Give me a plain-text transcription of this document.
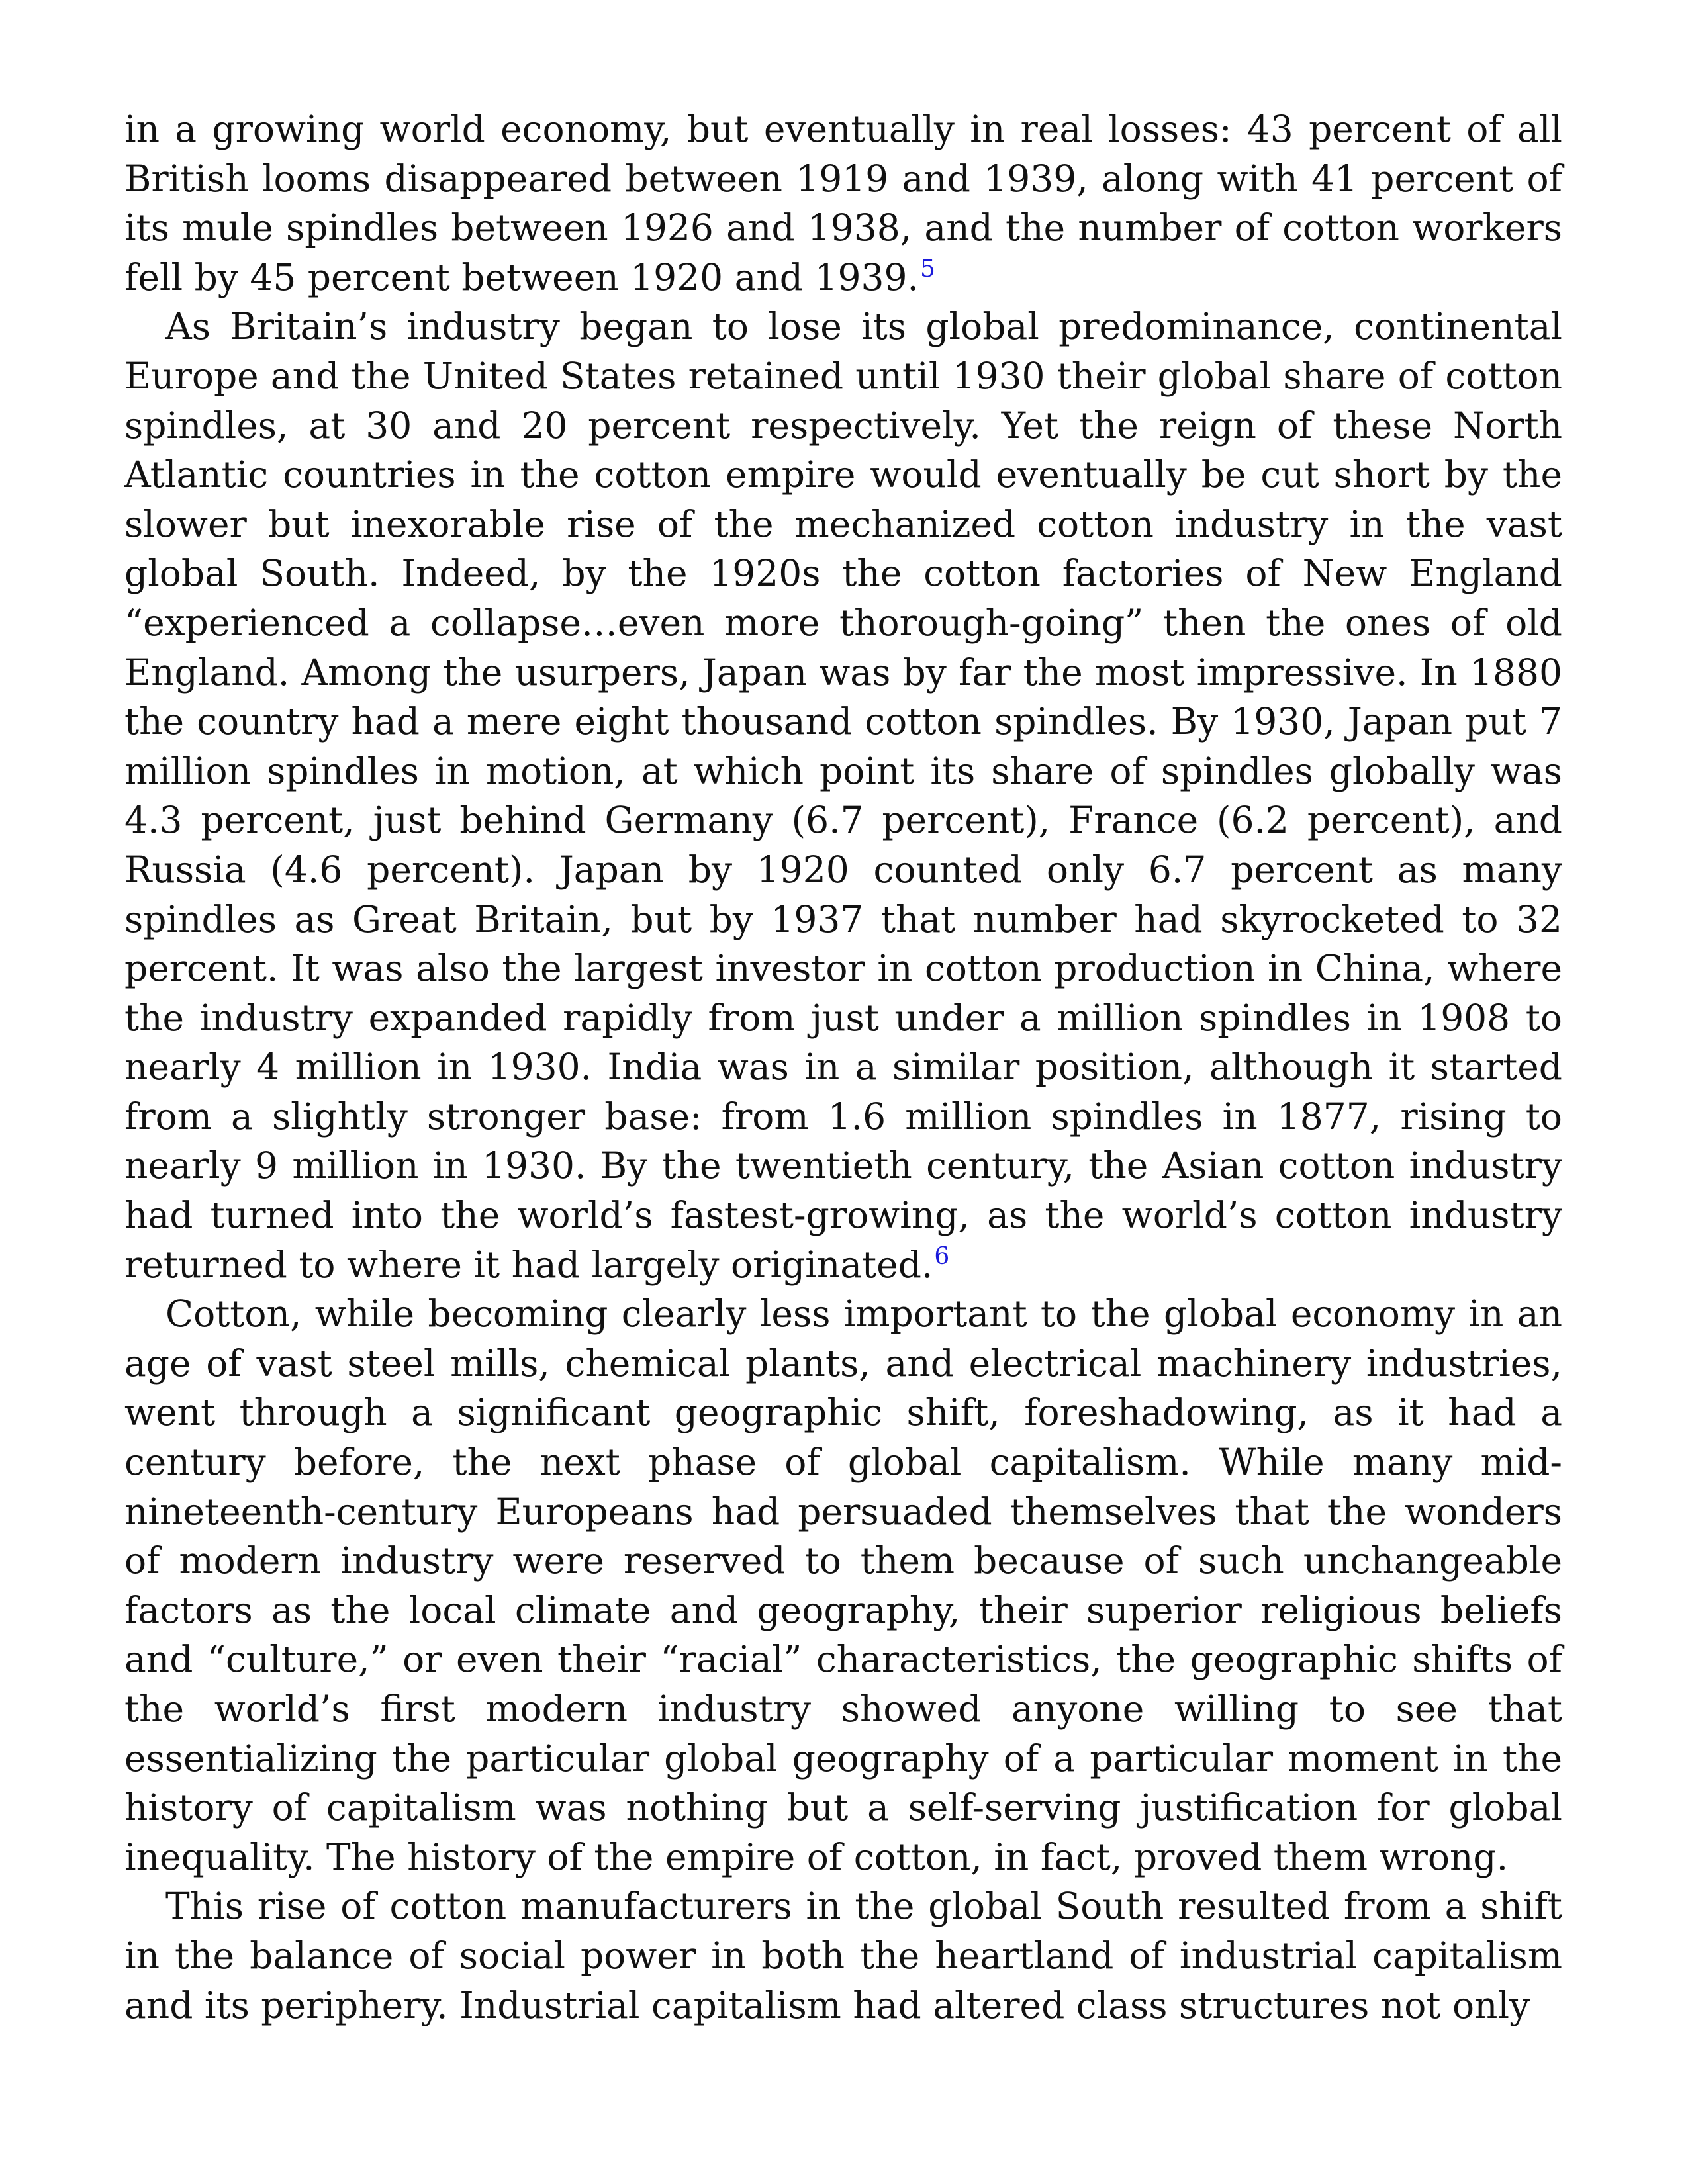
in a growing world economy, but eventually in real losses: 43 percent of all British looms disappeared between 1919 and 1939, along with 41 percent of its mule spindles between 1926 and 1938, and the number of cotton workers fell by 45 percent between 1920 and 1939.$^5$

As Britain’s industry began to lose its global predominance, continental Europe and the United States retained until 1930 their global share of cotton spindles, at 30 and 20 percent respectively. Yet the reign of these North Atlantic countries in the cotton empire would eventually be cut short by the slower but inexorable rise of the mechanized cotton industry in the vast global South. Indeed, by the 1920s the cotton factories of New England “experienced a collapse…even more thorough-going” then the ones of old England. Among the usurpers, Japan was by far the most impressive. In 1880 the country had a mere eight thousand cotton spindles. By 1930, Japan put 7 million spindles in motion, at which point its share of spindles globally was 4.3 percent, just behind Germany (6.7 percent), France (6.2 percent), and Russia (4.6 percent). Japan by 1920 counted only 6.7 percent as many spindles as Great Britain, but by 1937 that number had skyrocketed to 32 percent. It was also the largest investor in cotton production in China, where the industry expanded rapidly from just under a million spindles in 1908 to nearly 4 million in 1930. India was in a similar position, although it started from a slightly stronger base: from 1.6 million spindles in 1877, rising to nearly 9 million in 1930. By the twentieth century, the Asian cotton industry had turned into the world’s fastest-growing, as the world’s cotton industry returned to where it had largely originated.$^6$

Cotton, while becoming clearly less important to the global economy in an age of vast steel mills, chemical plants, and electrical machinery industries, went through a significant geographic shift, foreshadowing, as it had a century before, the next phase of global capitalism. While many mid-nineteenth-century Europeans had persuaded themselves that the wonders of modern industry were reserved to them because of such unchangeable factors as the local climate and geography, their superior religious beliefs and “culture,” or even their “racial” characteristics, the geographic shifts of the world’s first modern industry showed anyone willing to see that essentializing the particular global geography of a particular moment in the history of capitalism was nothing but a self-serving justification for global inequality. The history of the empire of cotton, in fact, proved them wrong.

This rise of cotton manufacturers in the global South resulted from a shift in the balance of social power in both the heartland of industrial capitalism and its periphery. Industrial capitalism had altered class structures not only
